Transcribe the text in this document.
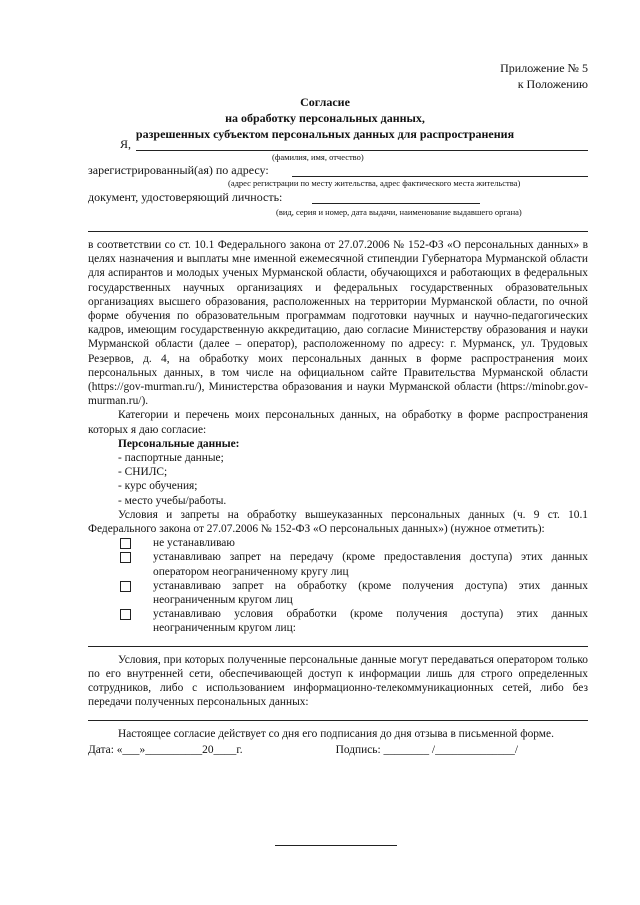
Приложение № 5
к Положению
Согласие
на обработку персональных данных,
разрешенных субъектом персональных данных для распространения
Я,
(фамилия, имя, отчество)
зарегистрированный(ая) по адресу:
(адрес регистрации по месту жительства, адрес фактического места жительства)
документ, удостоверяющий личность:
(вид, серия и номер, дата выдачи, наименование выдавшего органа)

в соответствии со ст. 10.1 Федерального закона от 27.07.2006 № 152-ФЗ «О персональных данных» в целях назначения и выплаты мне именной ежемесячной стипендии Губернатора Мурманской области для аспирантов и молодых ученых Мурманской области, обучающихся и работающих в федеральных государственных научных организациях и федеральных государственных образовательных организациях высшего образования, расположенных на территории Мурманской области, по очной форме обучения по образовательным программам подготовки научных и научно-педагогических кадров, имеющим государственную аккредитацию, даю согласие Министерству образования и науки Мурманской области (далее – оператор), расположенному по адресу: г. Мурманск, ул. Трудовых Резервов, д. 4, на обработку моих персональных данных в форме распространения моих персональных данных, в том числе на официальном сайте Правительства Мурманской области (https://gov-murman.ru/), Министерства образования и науки Мурманской области (https://minobr.gov-murman.ru/).

Категории и перечень моих персональных данных, на обработку в форме распространения которых я даю согласие:

Персональные данные:

- паспортные данные;

- СНИЛС;

- курс обучения;

- место учебы/работы.

Условия и запреты на обработку вышеуказанных персональных данных (ч. 9 ст. 10.1 Федерального закона от 27.07.2006 № 152-ФЗ «О персональных данных») (нужное отметить):

не устанавливаю
устанавливаю запрет на передачу (кроме предоставления доступа) этих данных оператором неограниченному кругу лиц
устанавливаю запрет на обработку (кроме получения доступа) этих данных неограниченным кругом лиц
устанавливаю условия обработки (кроме получения доступа) этих данных неограниченным кругом лиц:

Условия, при которых полученные персональные данные могут передаваться оператором только по его внутренней сети, обеспечивающей доступ к информации лишь для строго определенных сотрудников, либо с использованием информационно-телекоммуникационных сетей, либо без передачи полученных персональных данных:

Настоящее согласие действует со дня его подписания до дня отзыва в письменной форме.

Дата: «___»__________20____г.	Подпись: ________ /______________/
